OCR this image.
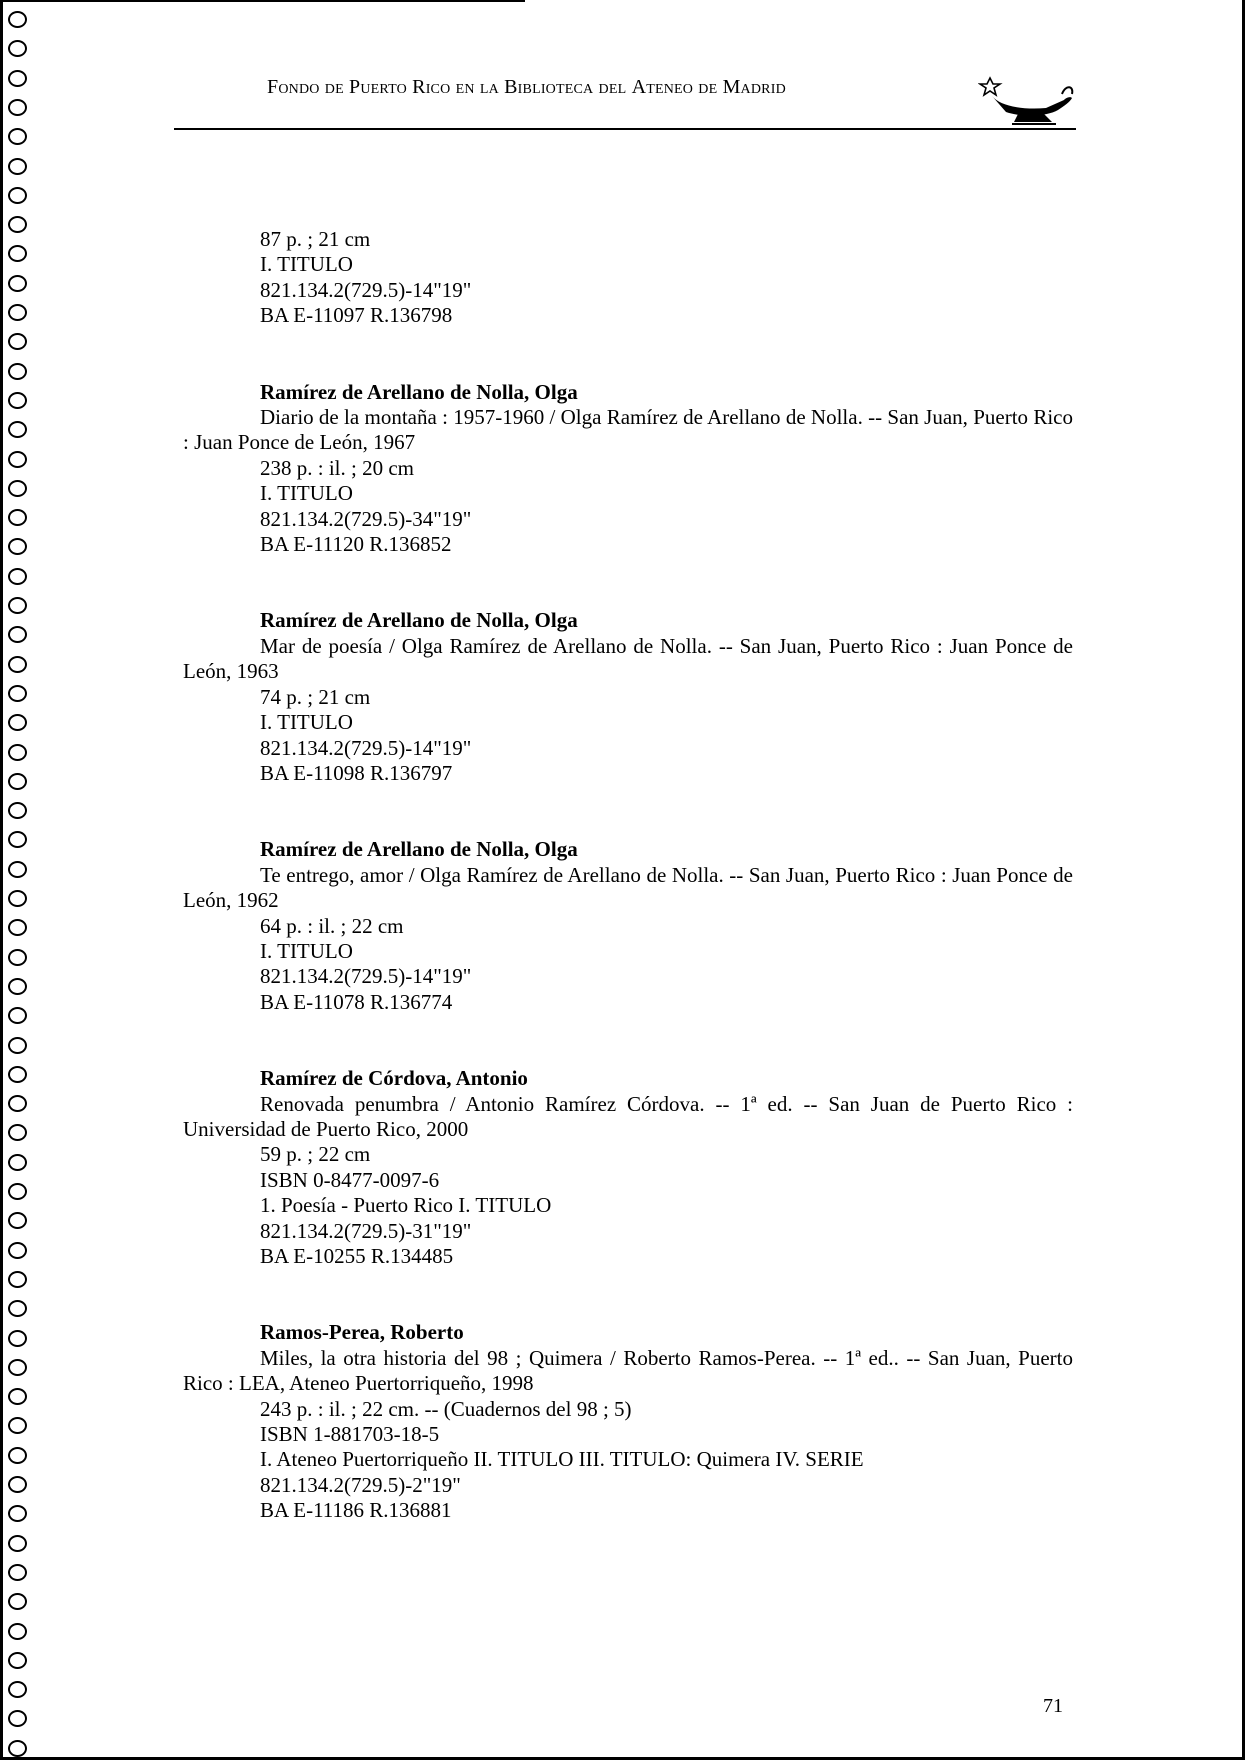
Fondo de Puerto Rico en la Biblioteca del Ateneo de Madrid
87 p. ; 21 cm
I. TITULO
821.134.2(729.5)-14"19"
BA E-11097 R.136798
Ramírez de Arellano de Nolla, Olga
Diario de la montaña : 1957-1960 / Olga Ramírez de Arellano de Nolla. -- San Juan, Puerto Rico : Juan Ponce de León, 1967
238 p. : il. ; 20 cm
I. TITULO
821.134.2(729.5)-34"19"
BA E-11120 R.136852
Ramírez de Arellano de Nolla, Olga
Mar de poesía / Olga Ramírez de Arellano de Nolla. -- San Juan, Puerto Rico : Juan Ponce de León, 1963
74 p. ; 21 cm
I. TITULO
821.134.2(729.5)-14"19"
BA E-11098 R.136797
Ramírez de Arellano de Nolla, Olga
Te entrego, amor / Olga Ramírez de Arellano de Nolla. -- San Juan, Puerto Rico : Juan Ponce de León, 1962
64 p. : il. ; 22 cm
I. TITULO
821.134.2(729.5)-14"19"
BA E-11078 R.136774
Ramírez de Córdova, Antonio
Renovada penumbra / Antonio Ramírez Córdova. -- 1ª ed. -- San Juan de Puerto Rico : Universidad de Puerto Rico, 2000
59 p. ; 22 cm
ISBN 0-8477-0097-6
1. Poesía - Puerto Rico I. TITULO
821.134.2(729.5)-31"19"
BA E-10255 R.134485
Ramos-Perea, Roberto
Miles, la otra historia del 98 ; Quimera / Roberto Ramos-Perea. -- 1ª ed.. -- San Juan, Puerto Rico : LEA, Ateneo Puertorriqueño, 1998
243 p. : il. ; 22 cm. -- (Cuadernos del 98 ; 5)
ISBN 1-881703-18-5
I. Ateneo Puertorriqueño II. TITULO III. TITULO: Quimera IV. SERIE
821.134.2(729.5)-2"19"
BA E-11186 R.136881
71
